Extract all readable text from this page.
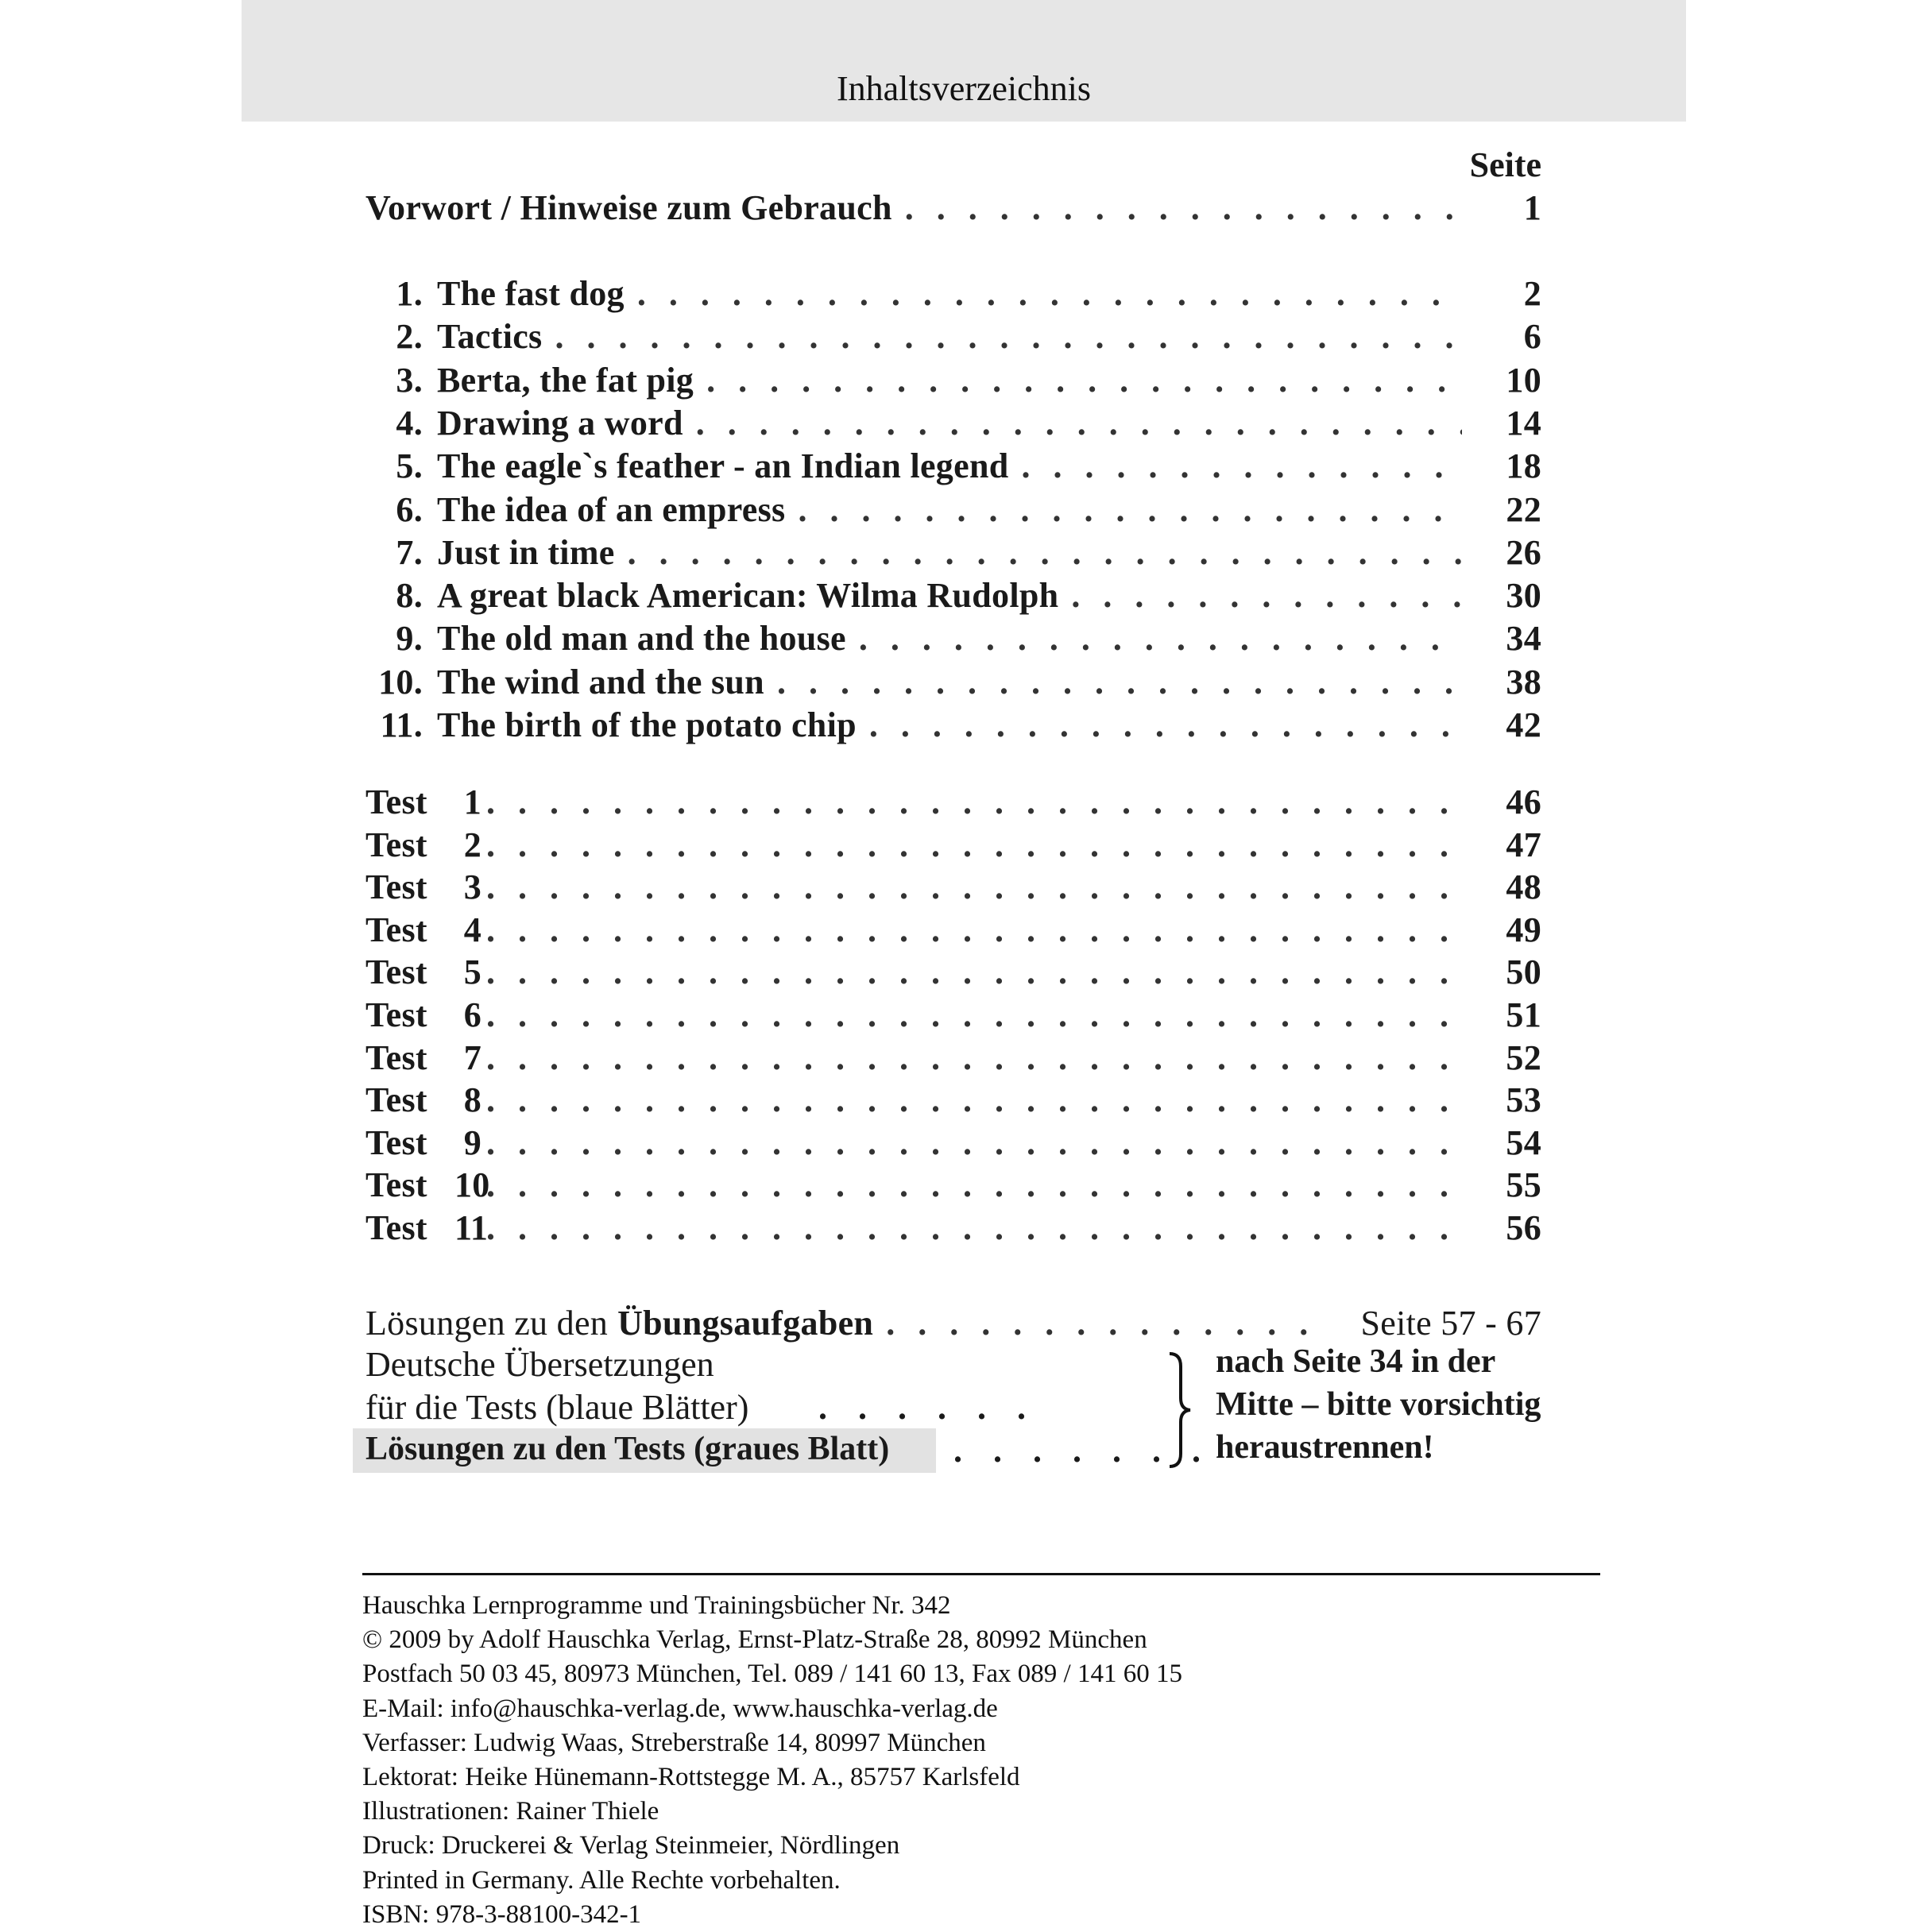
Inhaltsverzeichnis
Seite
Vorwort / Hinweise zum Gebrauch . . .	1
1. The fast dog . . .	2
2. Tactics . . .	6
3. Berta, the fat pig . . .	10
4. Drawing a word . . .	14
5. The eagle`s feather - an Indian legend . . .	18
6. The idea of an empress . . .	22
7. Just in time . . .	26
8. A great black American: Wilma Rudolph . . .	30
9. The old man and the house . . .	34
10. The wind and the sun . . .	38
11. The birth of the potato chip . . .	42
Test	1 . . .	46
Test	2 . . .	47
Test	3 . . .	48
Test	4 . . .	49
Test	5 . . .	50
Test	6 . . .	51
Test	7 . . .	52
Test	8 . . .	53
Test	9 . . .	54
Test 10 . . .	55
Test 11 . . .	56
Lösungen zu den Übungsaufgaben . . .	Seite 57 - 67
Deutsche Übersetzungen
für die Tests (blaue Blätter) . . . . . .
Lösungen zu den Tests (graues Blatt) . . . . . . .
nach Seite 34 in der
Mitte – bitte vorsichtig
heraustrennen!
Hauschka Lernprogramme und Trainingsbücher Nr. 342
© 2009 by Adolf Hauschka Verlag, Ernst-Platz-Straße 28, 80992 München
Postfach 50 03 45, 80973 München, Tel. 089 / 141 60 13, Fax 089 / 141 60 15
E-Mail: info@hauschka-verlag.de, www.hauschka-verlag.de
Verfasser: Ludwig Waas, Streberstraße 14, 80997 München
Lektorat: Heike Hünemann-Rottstegge M. A., 85757 Karlsfeld
Illustrationen: Rainer Thiele
Druck: Druckerei & Verlag Steinmeier, Nördlingen
Printed in Germany. Alle Rechte vorbehalten.
ISBN: 978-3-88100-342-1
